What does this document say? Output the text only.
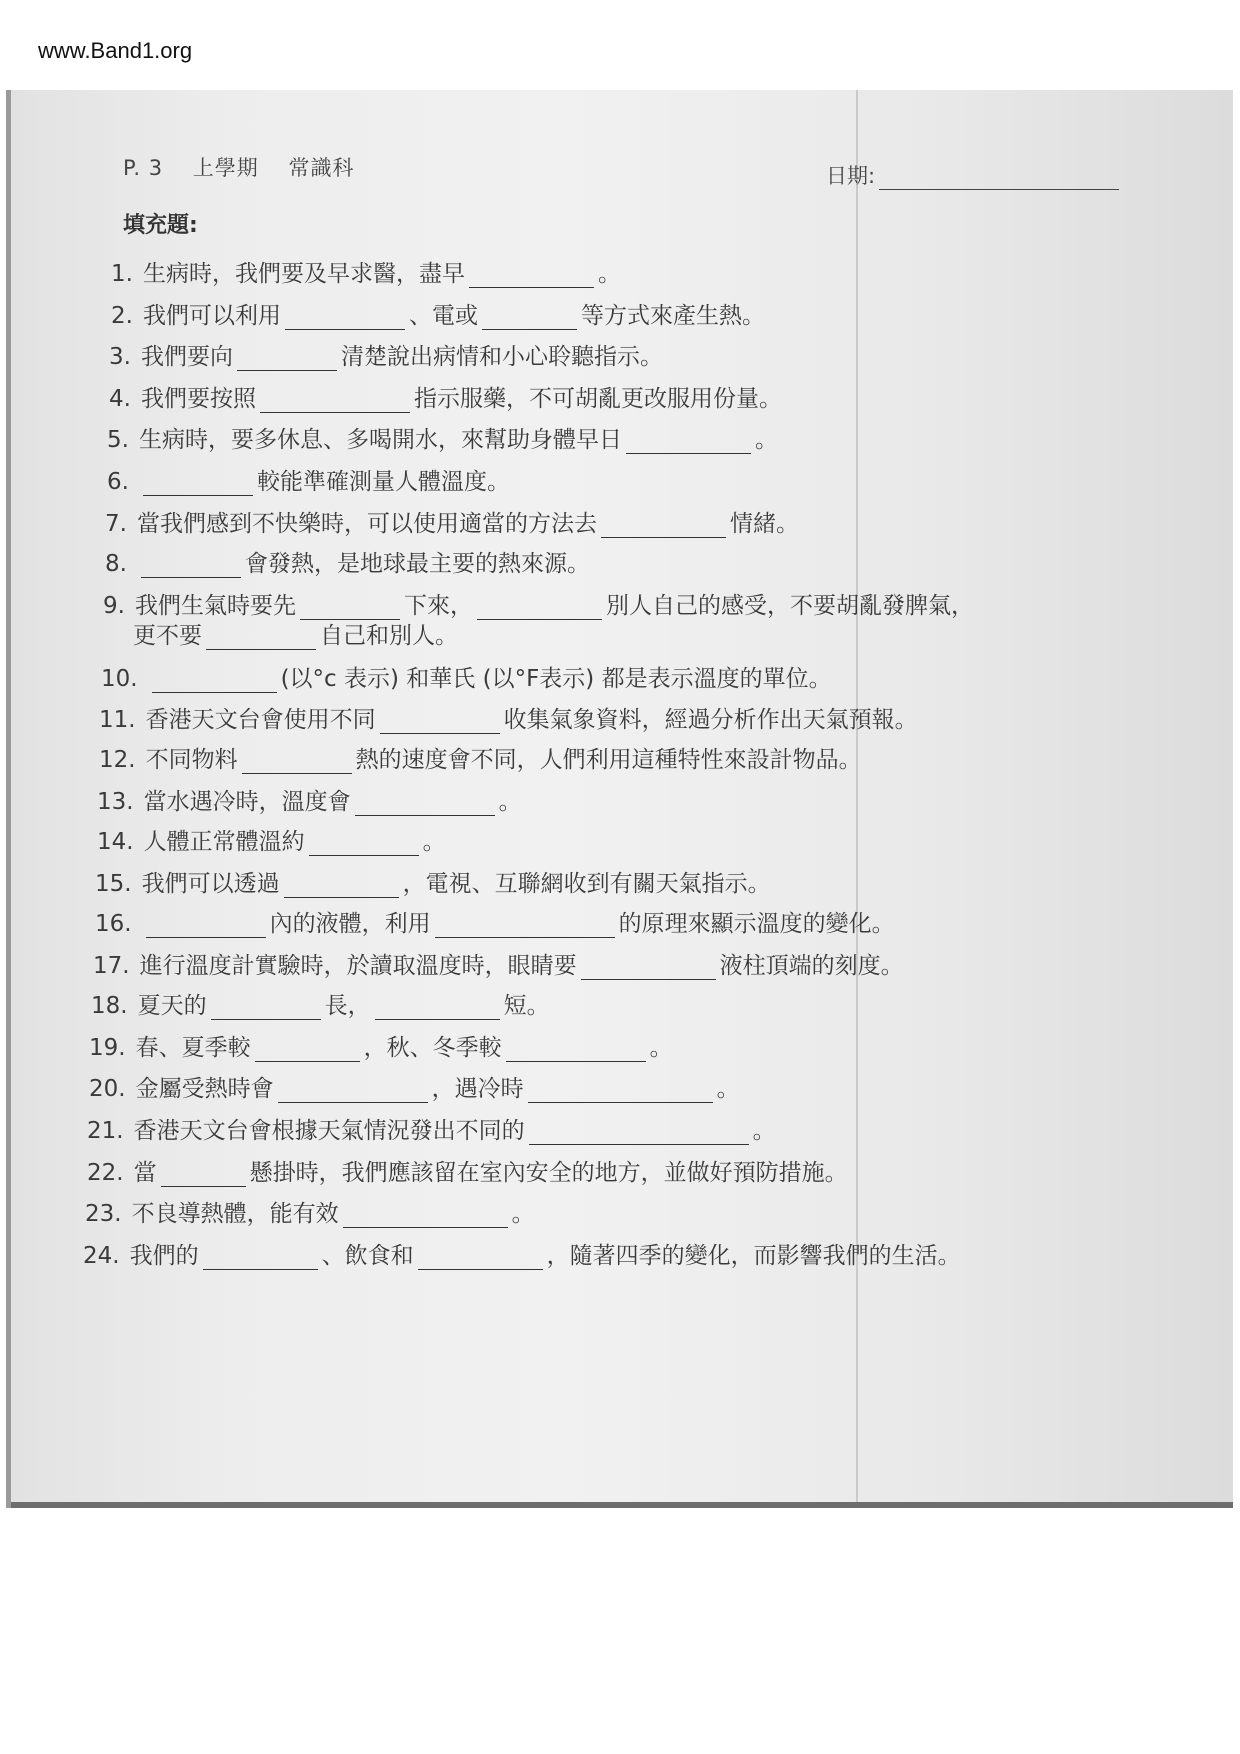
www.Band1.org
P. 3 上學期 常識科	日期:
填充題:
1. 生病時，我們要及早求醫，盡早	。
2. 我們可以利用	、電或	等方式來產生熱。
3. 我們要向	清楚說出病情和小心聆聽指示。
4. 我們要按照	指示服藥，不可胡亂更改服用份量。
5. 生病時，要多休息、多喝開水，來幫助身體早日	。
6.	較能準確測量人體溫度。
7. 當我們感到不快樂時，可以使用適當的方法去	情緒。
8.	會發熱，是地球最主要的熱來源。
9. 我們生氣時要先	下來，	別人自己的感受，不要胡亂發脾氣，
更不要	自己和別人。
10.	(以°c 表示) 和華氏 (以°F表示) 都是表示溫度的單位。
11. 香港天文台會使用不同	收集氣象資料，經過分析作出天氣預報。
12. 不同物料	熱的速度會不同，人們利用這種特性來設計物品。
13. 當水遇冷時，溫度會	。
14. 人體正常體溫約	。
15. 我們可以透過	，電視、互聯網收到有關天氣指示。
16.	內的液體，利用	的原理來顯示溫度的變化。
17. 進行溫度計實驗時，於讀取溫度時，眼睛要	液柱頂端的刻度。
18. 夏天的	長，	短。
19. 春、夏季較	，秋、冬季較	。
20. 金屬受熱時會	，遇冷時	。
21. 香港天文台會根據天氣情況發出不同的	。
22. 當	懸掛時，我們應該留在室內安全的地方，並做好預防措施。
23. 不良導熱體，能有效	。
24. 我們的	、飲食和	，隨著四季的變化，而影響我們的生活。
